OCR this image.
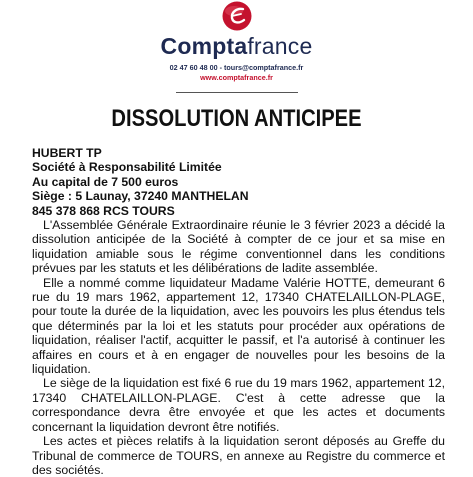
Comptafrance
02 47 60 48 00 - tours@comptafrance.fr
www.comptafrance.fr
DISSOLUTION ANTICIPEE
HUBERT TP
Société à Responsabilité Limitée
Au capital de 7 500 euros
Siège : 5 Launay, 37240 MANTHELAN
845 378 868 RCS TOURS

L'Assemblée Générale Extraordinaire réunie le 3 février 2023 a décidé la dissolution anticipée de la Société à compter de ce jour et sa mise en liquidation amiable sous le régime conventionnel dans les conditions prévues par les statuts et les délibérations de ladite assemblée.

Elle a nommé comme liquidateur Madame Valérie HOTTE, demeurant 6 rue du 19 mars 1962, appartement 12, 17340 CHATELAILLON-PLAGE, pour toute la durée de la liquidation, avec les pouvoirs les plus étendus tels que déterminés par la loi et les statuts pour procéder aux opérations de liquidation, réaliser l'actif, acquitter le passif, et l'a autorisé à continuer les affaires en cours et à en engager de nouvelles pour les besoins de la liquidation.

Le siège de la liquidation est fixé 6 rue du 19 mars 1962, appartement 12, 17340 CHATELAILLON-PLAGE. C'est à cette adresse que la correspondance devra être envoyée et que les actes et documents concernant la liquidation devront être notifiés.

Les actes et pièces relatifs à la liquidation seront déposés au Greffe du Tribunal de commerce de TOURS, en annexe au Registre du commerce et des sociétés.
